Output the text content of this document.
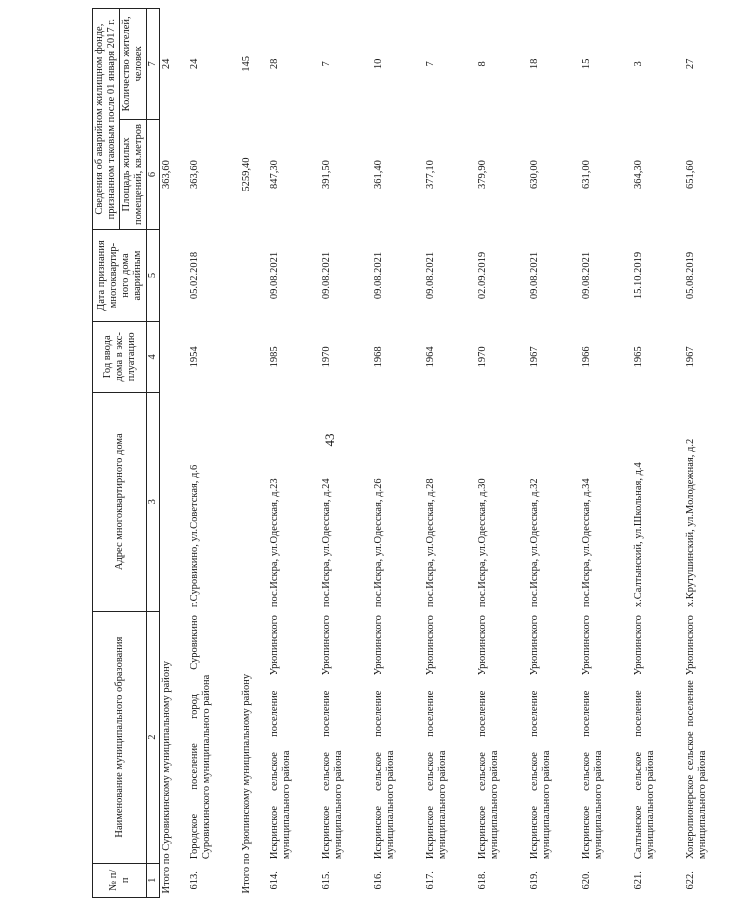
43
№ п/п	Наименование муниципального образования	Адрес многоквартирного дома	Год ввода дома в экс- плуатацию	Дата признания многоквартир- ного дома аварийным	Сведения об аварийном жилищном фонде, признанном таковым после 01 января 2017 г.	
					Площадь жилых помещений, кв.метров	Количество жителей, человек
1	2	3	4	5	6	7
Итого по Суровикинскому муниципальному району					363,60	24
613.	Городское поселение город Суровикино Суровикинского муниципального района	г.Суровикино, ул.Советская, д.6	1954	05.02.2018	363,60	24
Итого по Урюпинскому муниципальному району					5259,40	145
614.	Искринское сельское поселение Урюпинского муниципального района	пос.Искра, ул.Одесская, д.23	1985	09.08.2021	847,30	28
615.	Искринское сельское поселение Урюпинского муниципального района	пос.Искра, ул.Одесская, д.24	1970	09.08.2021	391,50	7
616.	Искринское сельское поселение Урюпинского муниципального района	пос.Искра, ул.Одесская, д.26	1968	09.08.2021	361,40	10
617.	Искринское сельское поселение Урюпинского муниципального района	пос.Искра, ул.Одесская, д.28	1964	09.08.2021	377,10	7
618.	Искринское сельское поселение Урюпинского муниципального района	пос.Искра, ул.Одесская, д.30	1970	02.09.2019	379,90	8
619.	Искринское сельское поселение Урюпинского муниципального района	пос.Искра, ул.Одесская, д.32	1967	09.08.2021	630,00	18
620.	Искринское сельское поселение Урюпинского муниципального района	пос.Искра, ул.Одесская, д.34	1966	09.08.2021	631,00	15
621.	Салтынское сельское поселение Урюпинского муниципального района	х.Салтынский, ул.Школьная, д.4	1965	15.10.2019	364,30	3
622.	Хоперопионерское сельское поселение Урюпинского муниципального района	х.Крутушинский, ул.Молодежная, д.2	1967	05.08.2019	651,60	27
